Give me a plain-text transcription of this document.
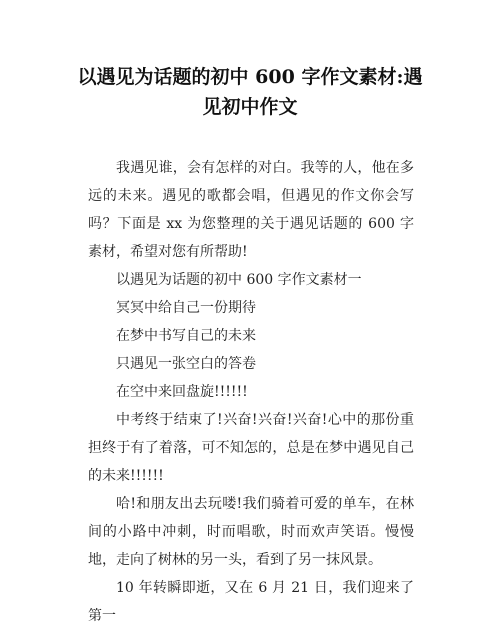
以遇见为话题的初中 600 字作文素材:遇见初中作文

我遇见谁，会有怎样的对白。我等的人，他在多远的未来。遇见的歌都会唱，但遇见的作文你会写吗？下面是 xx 为您整理的关于遇见话题的 600 字素材，希望对您有所帮助!

以遇见为话题的初中 600 字作文素材一

冥冥中给自己一份期待

在梦中书写自己的未来

只遇见一张空白的答卷

在空中来回盘旋!!!!!!

中考终于结束了!兴奋!兴奋!兴奋!心中的那份重担终于有了着落，可不知怎的，总是在梦中遇见自己的未来!!!!!!

哈!和朋友出去玩喽!我们骑着可爱的单车，在林间的小路中冲刺，时而唱歌，时而欢声笑语。慢慢地，走向了树林的另一头，看到了另一抹风景。

10 年转瞬即逝，又在 6 月 21 日，我们迎来了第一
